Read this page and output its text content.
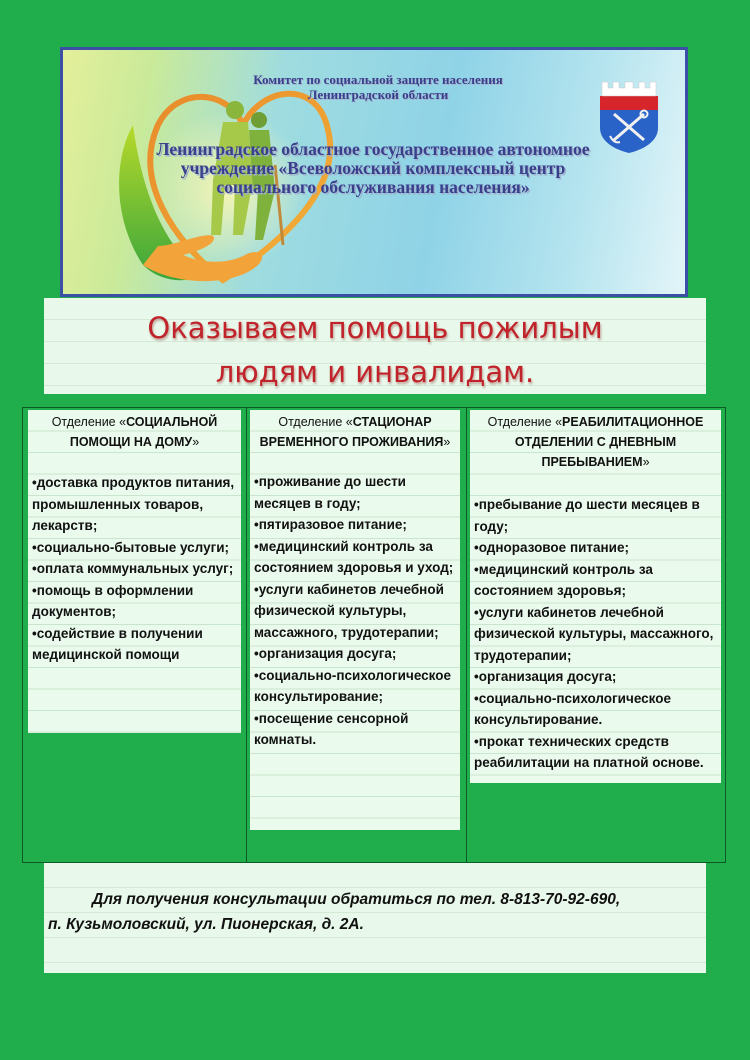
Комитет по социальной защите населения Ленинградской области
Ленинградское областное государственное автономное учреждение «Всеволожский комплексный центр социального обслуживания населения»
Оказываем помощь пожилым
людям и инвалидам.
Отделение «СОЦИАЛЬНОЙ ПОМОЩИ НА ДОМУ»
• доставка продуктов питания, промышленных товаров, лекарств;
• социально-бытовые услуги;
• оплата коммунальных услуг;
• помощь в оформлении документов;
• содействие в получении медицинской помощи
Отделение «СТАЦИОНАР ВРЕМЕННОГО ПРОЖИВАНИЯ»
• проживание до шести месяцев в году;
• пятиразовое питание;
• медицинский контроль за состоянием здоровья и уход;
• услуги кабинетов лечебной физической культуры, массажного, трудотерапии;
• организация досуга;
• социально-психологическое консультирование;
• посещение сенсорной комнаты.
Отделение «РЕАБИЛИТАЦИОННОЕ ОТДЕЛЕНИИ С ДНЕВНЫМ ПРЕБЫВАНИЕМ»
• пребывание до шести месяцев в году;
• одноразовое питание;
• медицинский контроль за состоянием здоровья;
• услуги кабинетов лечебной физической культуры, массажного, трудотерапии;
• организация досуга;
• социально-психологическое консультирование.
• прокат технических средств реабилитации на платной основе.
Для получения консультации обратиться по тел. 8-813-70-92-690,
п. Кузьмоловский, ул. Пионерская, д. 2А.
